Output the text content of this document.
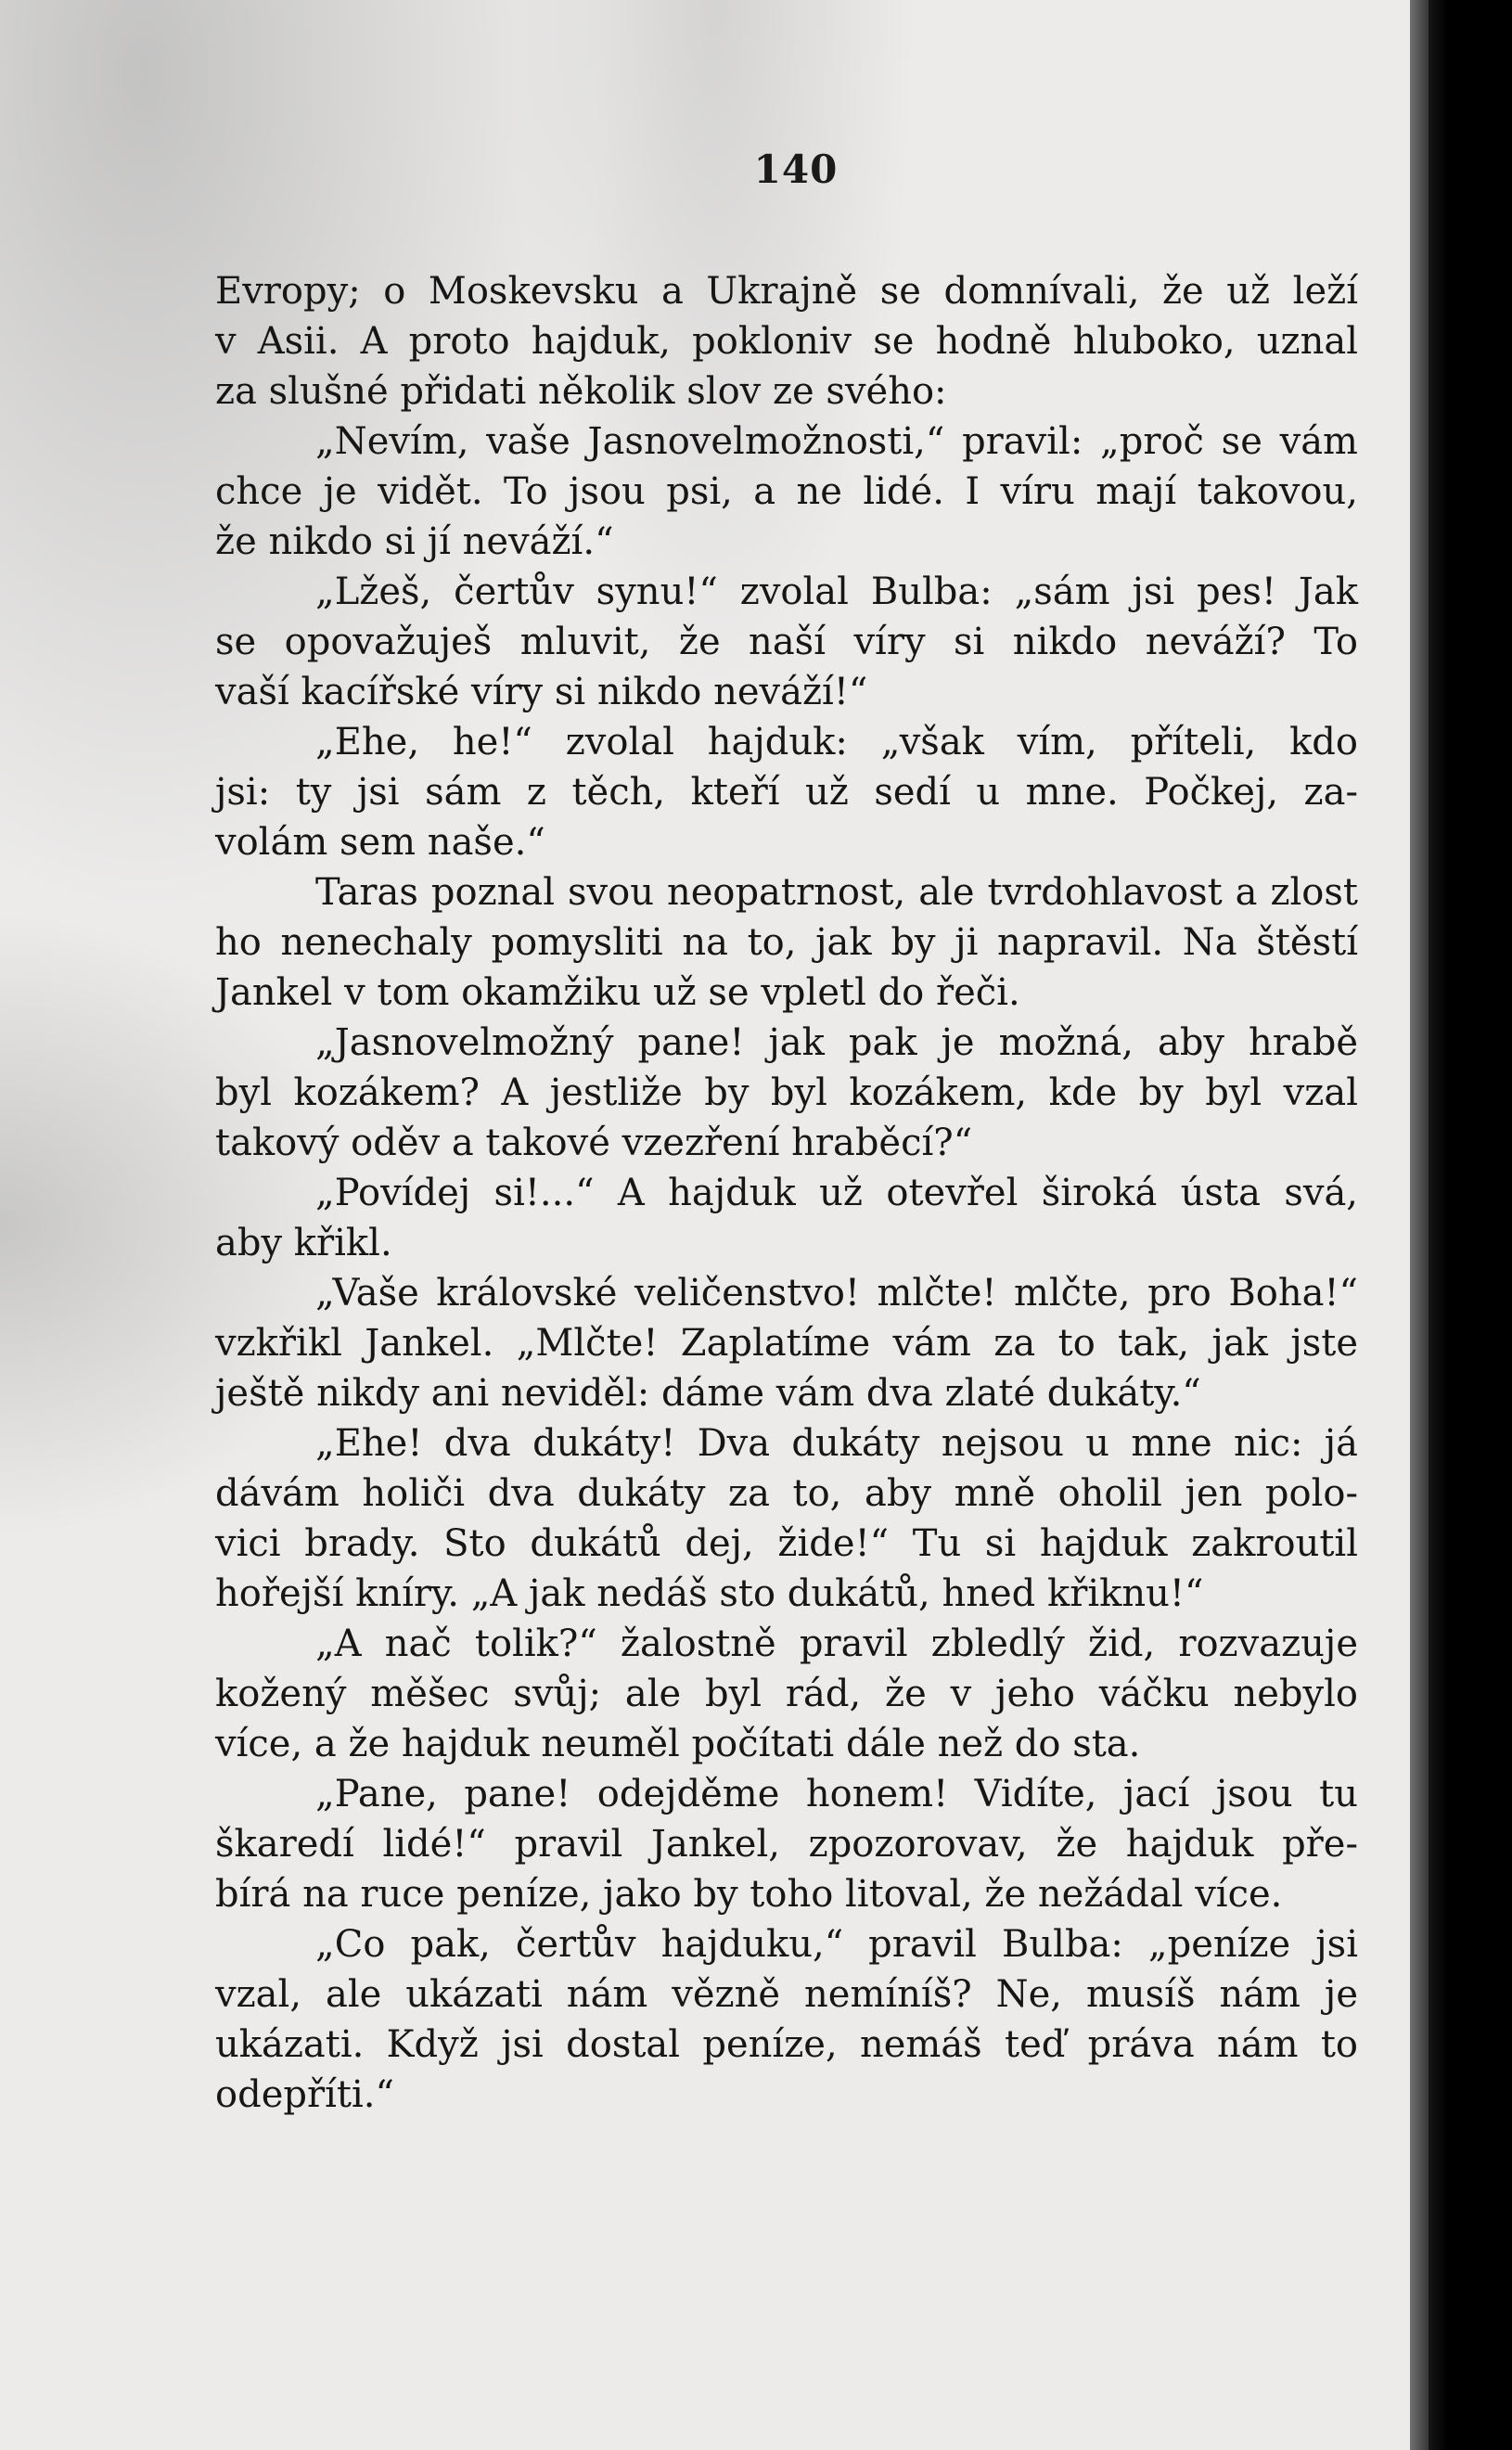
140
Evropy; o Moskevsku a Ukrajně se domnívali, že už leží
v Asii. A proto hajduk, pokloniv se hodně hluboko, uznal
za slušné přidati několik slov ze svého:
„Nevím, vaše Jasnovelmožnosti,“ pravil: „proč se vám
chce je vidět. To jsou psi, a ne lidé. I víru mají takovou,
že nikdo si jí neváží.“
„Lžeš, čertův synu!“ zvolal Bulba: „sám jsi pes! Jak
se opovažuješ mluvit, že naší víry si nikdo neváží? To
vaší kacířské víry si nikdo neváží!“
„Ehe, he!“ zvolal hajduk: „však vím, příteli, kdo
jsi: ty jsi sám z těch, kteří už sedí u mne. Počkej, za-
volám sem naše.“
Taras poznal svou neopatrnost, ale tvrdohlavost a zlost
ho nenechaly pomysliti na to, jak by ji napravil. Na štěstí
Jankel v tom okamžiku už se vpletl do řeči.
„Jasnovelmožný pane! jak pak je možná, aby hrabě
byl kozákem? A jestliže by byl kozákem, kde by byl vzal
takový oděv a takové vzezření hraběcí?“
„Povídej si!...“ A hajduk už otevřel široká ústa svá,
aby křikl.
„Vaše královské veličenstvo! mlčte! mlčte, pro Boha!“
vzkřikl Jankel. „Mlčte! Zaplatíme vám za to tak, jak jste
ještě nikdy ani neviděl: dáme vám dva zlaté dukáty.“
„Ehe! dva dukáty! Dva dukáty nejsou u mne nic: já
dávám holiči dva dukáty za to, aby mně oholil jen polo-
vici brady. Sto dukátů dej, žide!“ Tu si hajduk zakroutil
hořejší kníry. „A jak nedáš sto dukátů, hned křiknu!“
„A nač tolik?“ žalostně pravil zbledlý žid, rozvazuje
kožený měšec svůj; ale byl rád, že v jeho váčku nebylo
více, a že hajduk neuměl počítati dále než do sta.
„Pane, pane! odejděme honem! Vidíte, jací jsou tu
škaredí lidé!“ pravil Jankel, zpozorovav, že hajduk pře-
bírá na ruce peníze, jako by toho litoval, že nežádal více.
„Co pak, čertův hajduku,“ pravil Bulba: „peníze jsi
vzal, ale ukázati nám vězně nemíníš? Ne, musíš nám je
ukázati. Když jsi dostal peníze, nemáš teď práva nám to
odepříti.“
